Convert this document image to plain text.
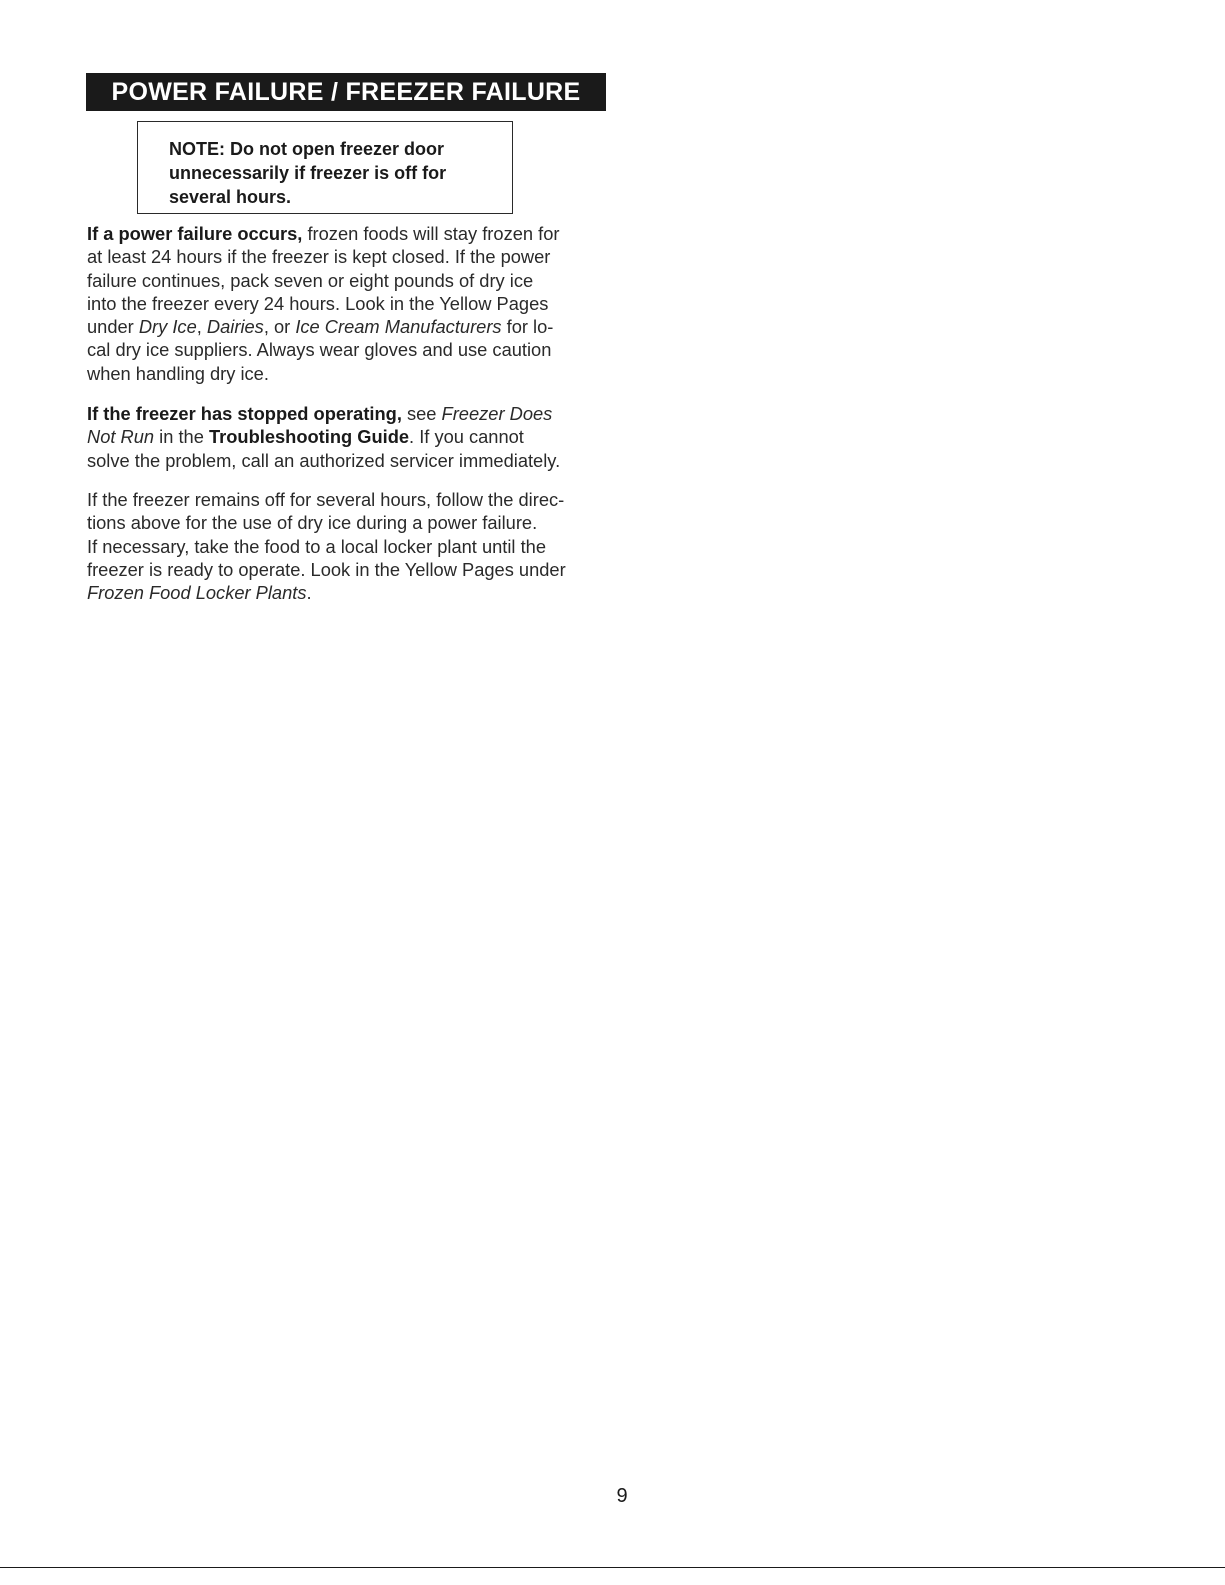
POWER FAILURE / FREEZER FAILURE
NOTE: Do not open freezer door
unnecessarily if freezer is off for
several hours.
If a power failure occurs, frozen foods will stay frozen for
at least 24 hours if the freezer is kept closed. If the power
failure continues, pack seven or eight pounds of dry ice
into the freezer every 24 hours. Look in the Yellow Pages
under Dry Ice, Dairies, or Ice Cream Manufacturers for lo-
cal dry ice suppliers. Always wear gloves and use caution
when handling dry ice.
If the freezer has stopped operating, see Freezer Does
Not Run in the Troubleshooting Guide. If you cannot
solve the problem, call an authorized servicer immediately.
If the freezer remains off for several hours, follow the direc-
tions above for the use of dry ice during a power failure.
If necessary, take the food to a local locker plant until the
freezer is ready to operate. Look in the Yellow Pages under
Frozen Food Locker Plants.
9
